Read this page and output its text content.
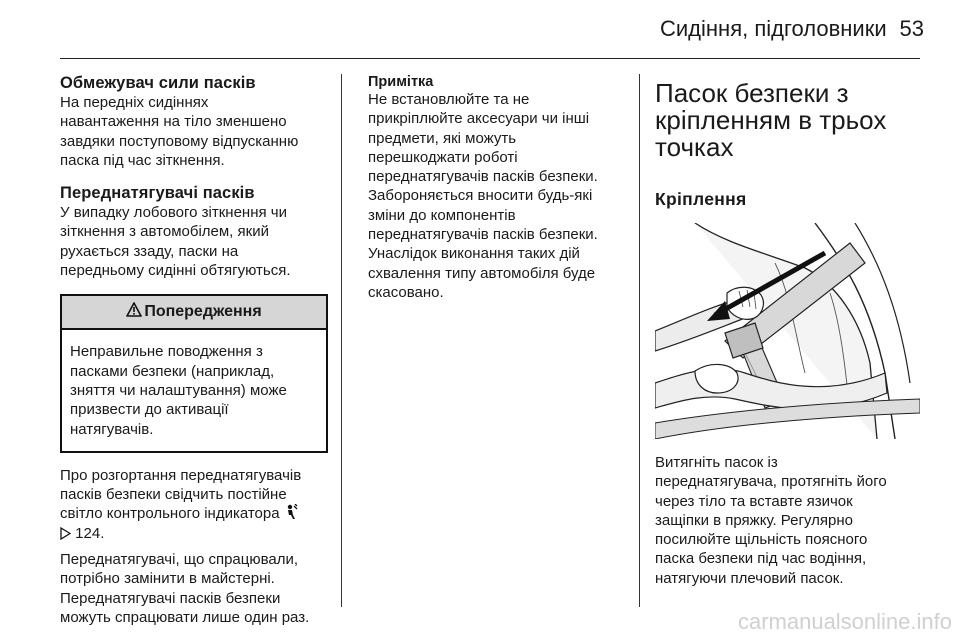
Сидіння, підголовники 53
Обмежувач сили пасків
На передніх сидіннях
навантаження на тіло зменшено
завдяки поступовому відпусканню
паска під час зіткнення.
Переднатягувачі пасків
У випадку лобового зіткнення чи
зіткнення з автомобілем, який
рухається ззаду, паски на
передньому сидінні обтягуються.
Попередження
Неправильне поводження з
пасками безпеки (наприклад,
зняття чи налаштування) може
призвести до активації
натягувачів.
Про розгортання переднатягувачів
пасків безпеки свідчить постійне
світло контрольного індикатора
124.
Переднатягувачі, що спрацювали,
потрібно замінити в майстерні.
Переднатягувачі пасків безпеки
можуть спрацювати лише один раз.
Примітка
Не встановлюйте та не
прикріплюйте аксесуари чи інші
предмети, які можуть
перешкоджати роботі
переднатягувачів пасків безпеки.
Забороняється вносити будь-які
зміни до компонентів
переднатягувачів пасків безпеки.
Унаслідок виконання таких дій
схвалення типу автомобіля буде
скасовано.
Пасок безпеки з
кріпленням в трьох
точках
Кріплення
Витягніть пасок із
переднатягувача, протягніть його
через тіло та вставте язичок
защіпки в пряжку. Регулярно
посилюйте щільність поясного
паска безпеки під час водіння,
натягуючи плечовий пасок.
carmanualsonline.info
